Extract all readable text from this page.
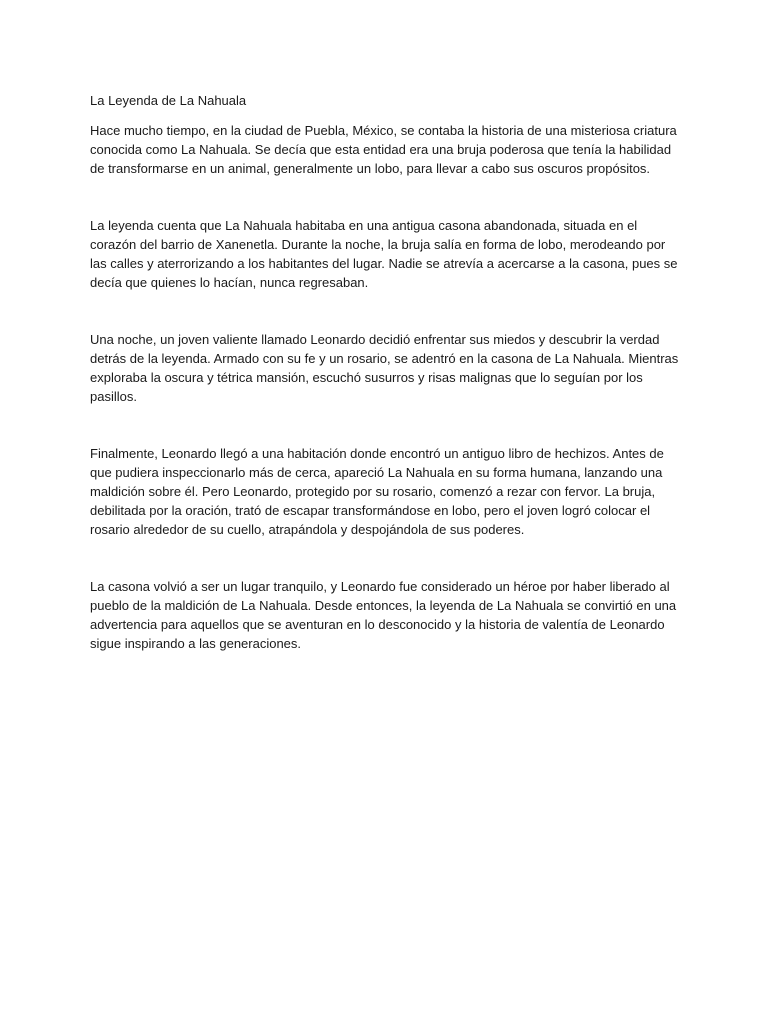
La Leyenda de La Nahuala

Hace mucho tiempo, en la ciudad de Puebla, México, se contaba la historia de una misteriosa criatura conocida como La Nahuala. Se decía que esta entidad era una bruja poderosa que tenía la habilidad de transformarse en un animal, generalmente un lobo, para llevar a cabo sus oscuros propósitos.

La leyenda cuenta que La Nahuala habitaba en una antigua casona abandonada, situada en el corazón del barrio de Xanenetla. Durante la noche, la bruja salía en forma de lobo, merodeando por las calles y aterrorizando a los habitantes del lugar. Nadie se atrevía a acercarse a la casona, pues se decía que quienes lo hacían, nunca regresaban.

Una noche, un joven valiente llamado Leonardo decidió enfrentar sus miedos y descubrir la verdad detrás de la leyenda. Armado con su fe y un rosario, se adentró en la casona de La Nahuala. Mientras exploraba la oscura y tétrica mansión, escuchó susurros y risas malignas que lo seguían por los pasillos.

Finalmente, Leonardo llegó a una habitación donde encontró un antiguo libro de hechizos. Antes de que pudiera inspeccionarlo más de cerca, apareció La Nahuala en su forma humana, lanzando una maldición sobre él. Pero Leonardo, protegido por su rosario, comenzó a rezar con fervor. La bruja, debilitada por la oración, trató de escapar transformándose en lobo, pero el joven logró colocar el rosario alrededor de su cuello, atrapándola y despojándola de sus poderes.

La casona volvió a ser un lugar tranquilo, y Leonardo fue considerado un héroe por haber liberado al pueblo de la maldición de La Nahuala. Desde entonces, la leyenda de La Nahuala se convirtió en una advertencia para aquellos que se aventuran en lo desconocido y la historia de valentía de Leonardo sigue inspirando a las generaciones.
